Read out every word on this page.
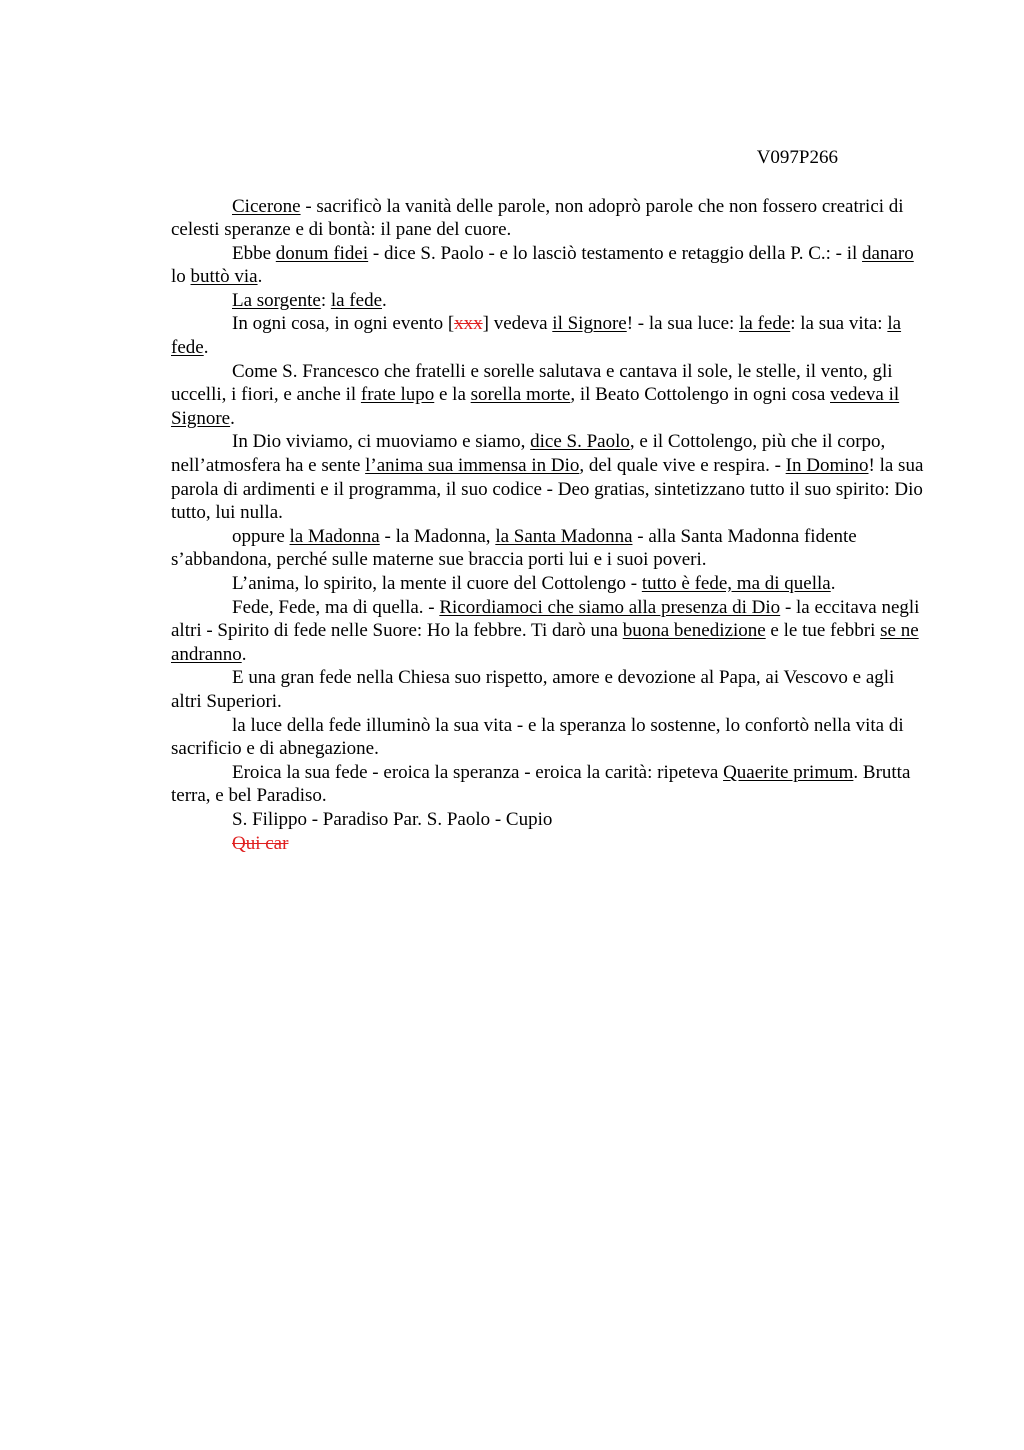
V097P266

Cicerone - sacrificò la vanità delle parole, non adoprò parole che non fossero creatrici di celesti speranze e di bontà: il pane del cuore.

Ebbe donum fidei - dice S. Paolo - e lo lasciò testamento e retaggio della P. C.: - il danaro lo buttò via.

La sorgente: la fede.

In ogni cosa, in ogni evento [xxx] vedeva il Signore! - la sua luce: la fede: la sua vita: la fede.

Come S. Francesco che fratelli e sorelle salutava e cantava il sole, le stelle, il vento, gli uccelli, i fiori, e anche il frate lupo e la sorella morte, il Beato Cottolengo in ogni cosa vedeva il Signore.

In Dio viviamo, ci muoviamo e siamo, dice S. Paolo, e il Cottolengo, più che il corpo, nell’atmosfera ha e sente l’anima sua immensa in Dio, del quale vive e respira. - In Domino! la sua parola di ardimenti e il programma, il suo codice - Deo gratias, sintetizzano tutto il suo spirito: Dio tutto, lui nulla.

oppure la Madonna - la Madonna, la Santa Madonna - alla Santa Madonna fidente s’abbandona, perché sulle materne sue braccia porti lui e i suoi poveri.

L’anima, lo spirito, la mente il cuore del Cottolengo - tutto è fede, ma di quella.

Fede, Fede, ma di quella. - Ricordiamoci che siamo alla presenza di Dio - la eccitava negli altri - Spirito di fede nelle Suore: Ho la febbre. Ti darò una buona benedizione e le tue febbri se ne andranno.

E una gran fede nella Chiesa suo rispetto, amore e devozione al Papa, ai Vescovo e agli altri Superiori.

la luce della fede illuminò la sua vita - e la speranza lo sostenne, lo confortò nella vita di sacrificio e di abnegazione.

Eroica la sua fede - eroica la speranza - eroica la carità: ripeteva Quaerite primum. Brutta terra, e bel Paradiso.

S. Filippo - Paradiso Par. S. Paolo - Cupio

Qui car
